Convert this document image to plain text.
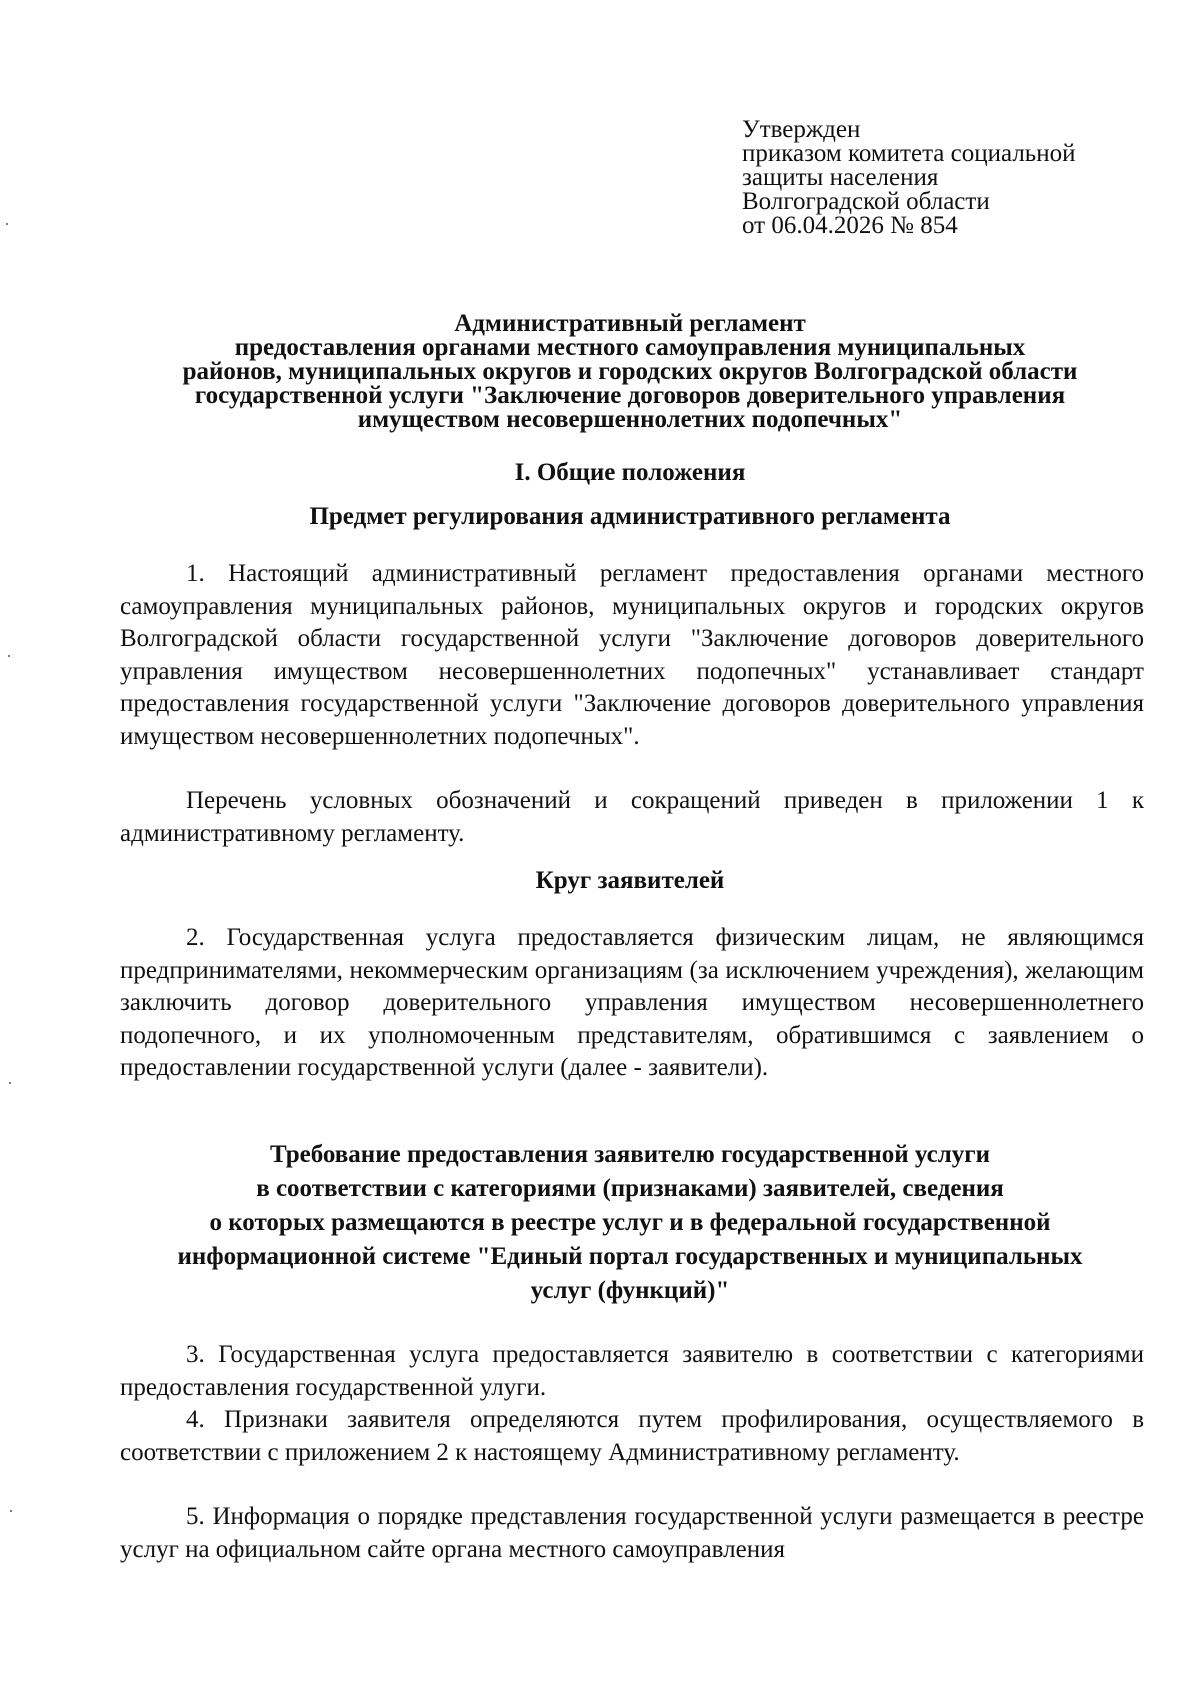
Утвержден
приказом комитета социальной
защиты населения
Волгоградской области
от 06.04.2026 № 854
Административный регламент
предоставления органами местного самоуправления муниципальных
районов, муниципальных округов и городских округов Волгоградской области
государственной услуги "Заключение договоров доверительного управления
имуществом несовершеннолетних подопечных"
I. Общие положения
Предмет регулирования административного регламента
1. Настоящий административный регламент предоставления органами местного самоуправления муниципальных районов, муниципальных округов и городских округов Волгоградской области государственной услуги "Заключение договоров доверительного управления имуществом несовершеннолетних подопечных" устанавливает стандарт предоставления государственной услуги "Заключение договоров доверительного управления имуществом несовершеннолетних подопечных".
Перечень условных обозначений и сокращений приведен в приложении 1 к административному регламенту.
Круг заявителей
2. Государственная услуга предоставляется физическим лицам, не являющимся предпринимателями, некоммерческим организациям (за исключением учреждения), желающим заключить договор доверительного управления имуществом несовершеннолетнего подопечного, и их уполномоченным представителям, обратившимся с заявлением о предоставлении государственной услуги (далее - заявители).
Требование предоставления заявителю государственной услуги
в соответствии с категориями (признаками) заявителей, сведения
о которых размещаются в реестре услуг и в федеральной государственной
информационной системе "Единый портал государственных и муниципальных
услуг (функций)"
3. Государственная услуга предоставляется заявителю в соответствии с категориями предоставления государственной улуги.
4. Признаки заявителя определяются путем профилирования, осуществляемого в соответствии с приложением 2 к настоящему Административному регламенту.
5. Информация о порядке представления государственной услуги размещается в реестре услуг на официальном сайте органа местного самоуправления
